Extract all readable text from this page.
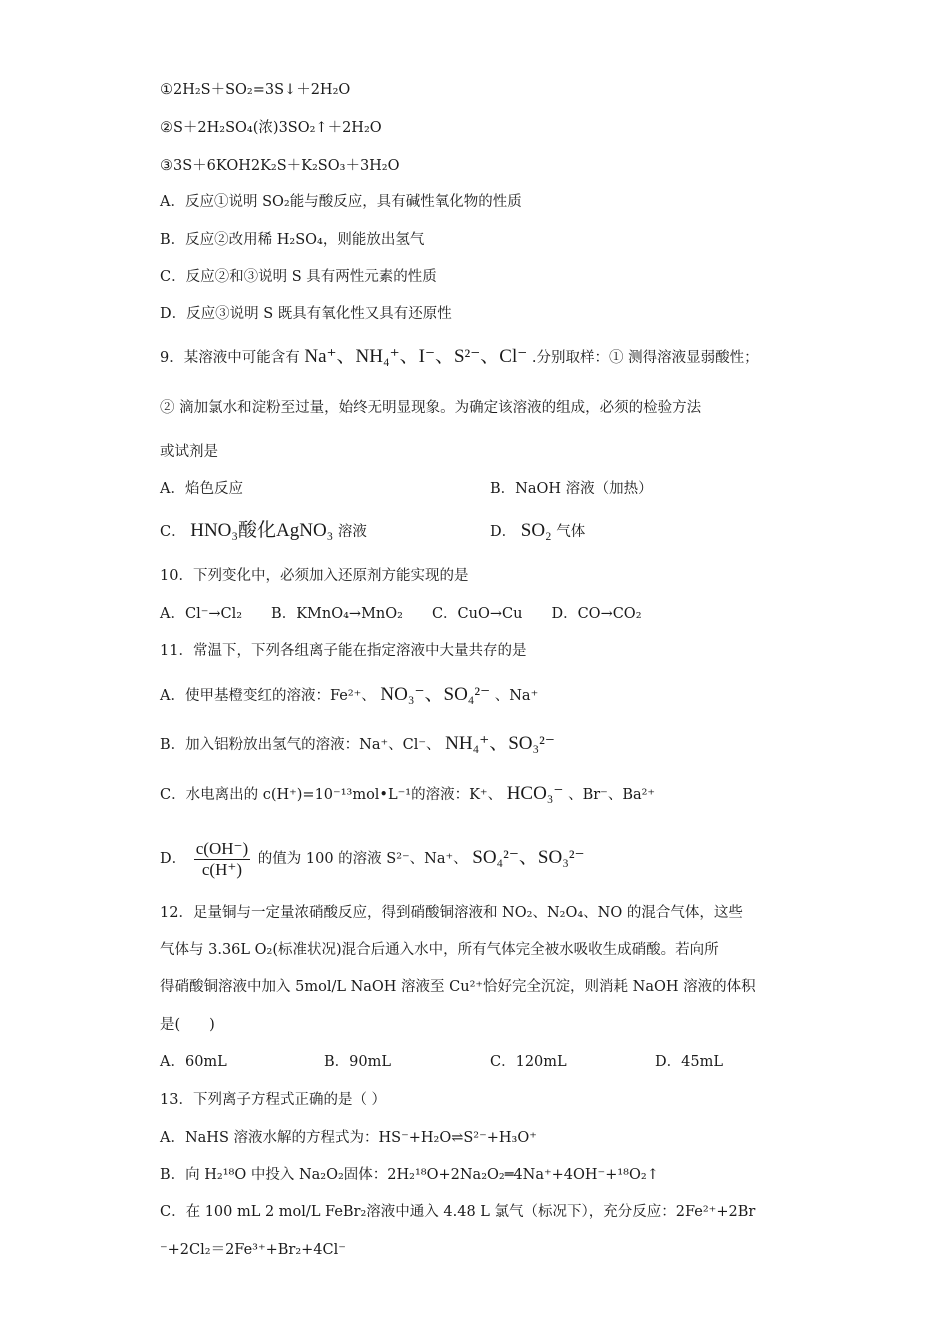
①2H₂S＋SO₂=3S↓＋2H₂O
②S＋2H₂SO₄(浓)3SO₂↑＋2H₂O
③3S＋6KOH2K₂S＋K₂SO₃＋3H₂O
A．反应①说明 SO₂能与酸反应，具有碱性氧化物的性质
B．反应②改用稀 H₂SO₄，则能放出氢气
C．反应②和③说明 S 具有两性元素的性质
D．反应③说明 S 既具有氧化性又具有还原性
9．某溶液中可能含有 Na⁺、NH₄⁺、I⁻、S²⁻、Cl⁻ .分别取样：① 测得溶液显弱酸性；
② 滴加氯水和淀粉至过量，始终无明显现象。为确定该溶液的组成，必须的检验方法
或试剂是
A．焰色反应	B．NaOH 溶液（加热）
C． HNO₃酸化AgNO₃ 溶液	D． SO₂ 气体
10．下列变化中，必须加入还原剂方能实现的是
A．Cl⁻→Cl₂　　B．KMnO₄→MnO₂　　C．CuO→Cu　　D．CO→CO₂
11．常温下，下列各组离子能在指定溶液中大量共存的是
A．使甲基橙变红的溶液：Fe²⁺、 NO₃⁻、SO₄²⁻ 、Na⁺
B．加入铝粉放出氢气的溶液：Na⁺、Cl⁻、 NH₄⁺、SO₃²⁻
C．水电离出的 c(H⁺)=10⁻¹³mol•L⁻¹的溶液：K⁺、 HCO₃⁻ 、Br⁻、Ba²⁺
D． $\frac{c(OH^-)}{c(H^+)}$ 的值为 100 的溶液 S²⁻、Na⁺、 SO₄²⁻、SO₃²⁻
12．足量铜与一定量浓硝酸反应，得到硝酸铜溶液和 NO₂、N₂O₄、NO 的混合气体，这些
气体与 3.36L O₂(标准状况)混合后通入水中，所有气体完全被水吸收生成硝酸。若向所
得硝酸铜溶液中加入 5mol/L NaOH 溶液至 Cu²⁺恰好完全沉淀，则消耗 NaOH 溶液的体积
是(　　)
A．60mL	B．90mL	C．120mL	D．45mL
13．下列离子方程式正确的是（ ）
A．NaHS 溶液水解的方程式为：HS⁻+H₂O⇌S²⁻+H₃O⁺
B．向 H₂¹⁸O 中投入 Na₂O₂固体：2H₂¹⁸O+2Na₂O₂═4Na⁺+4OH⁻+¹⁸O₂↑
C．在 100 mL 2 mol/L FeBr₂溶液中通入 4.48 L 氯气（标况下），充分反应：2Fe²⁺+2Br
⁻+2Cl₂＝2Fe³⁺+Br₂+4Cl⁻
